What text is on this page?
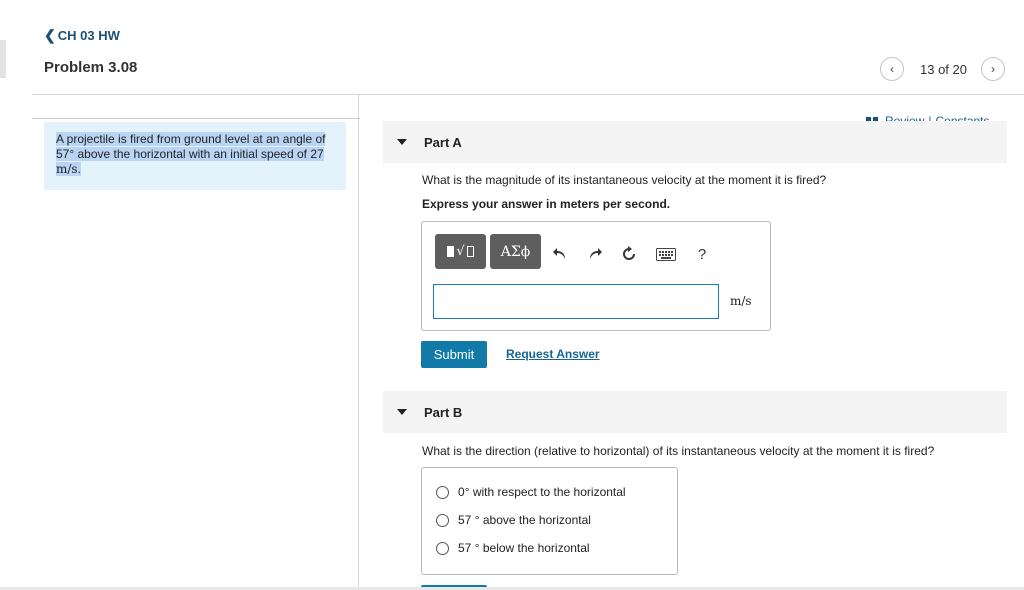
❮ CH 03 HW
Problem 3.08	‹ 13 of 20 ›
A projectile is fired from ground level at an angle of 57° above the horizontal with an initial speed of 27 m/s.
Part A
What is the magnitude of its instantaneous velocity at the moment it is fired?
Express your answer in meters per second.
√	ΑΣϕ	?
m/s
Submit	Request Answer
Part B
What is the direction (relative to horizontal) of its instantaneous velocity at the moment it is fired?
0° with respect to the horizontal
57 ° above the horizontal
57 ° below the horizontal
